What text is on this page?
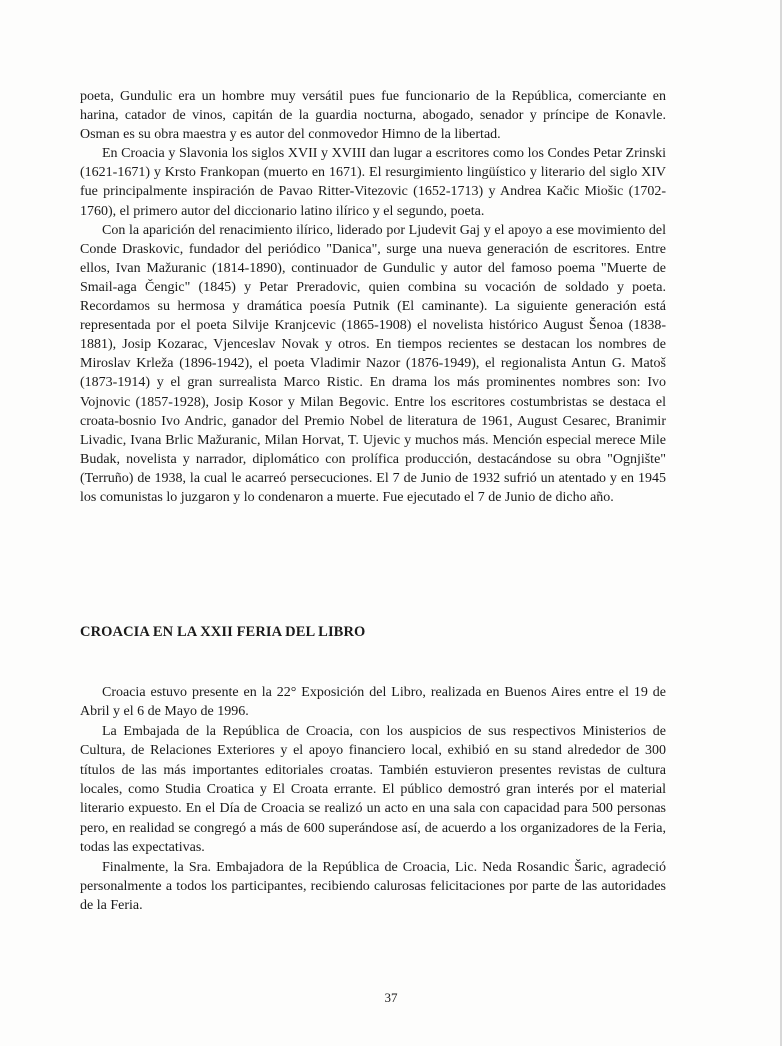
poeta, Gundulic era un hombre muy versátil pues fue funcionario de la República, comerciante en harina, catador de vinos, capitán de la guardia nocturna, abogado, senador y príncipe de Konavle. Osman es su obra maestra y es autor del conmovedor Himno de la libertad.

En Croacia y Slavonia los siglos XVII y XVIII dan lugar a escritores como los Condes Petar Zrinski (1621-1671) y Krsto Frankopan (muerto en 1671). El resurgimiento lingüístico y literario del siglo XIV fue principalmente inspiración de Pavao Ritter-Vitezovic (1652-1713) y Andrea Kačic Miošic (1702-1760), el primero autor del diccionario latino ilírico y el segundo, poeta.

Con la aparición del renacimiento ilírico, liderado por Ljudevit Gaj y el apoyo a ese movimiento del Conde Draskovic, fundador del periódico "Danica", surge una nueva generación de escritores. Entre ellos, Ivan Mažuranic (1814-1890), continuador de Gundulic y autor del famoso poema "Muerte de Smail-aga Čengic" (1845) y Petar Preradovic, quien combina su vocación de soldado y poeta. Recordamos su hermosa y dramática poesía Putnik (El caminante). La siguiente generación está representada por el poeta Silvije Kranjcevic (1865-1908) el novelista histórico August Šenoa (1838-1881), Josip Kozarac, Vjenceslav Novak y otros. En tiempos recientes se destacan los nombres de Miroslav Krleža (1896-1942), el poeta Vladimir Nazor (1876-1949), el regionalista Antun G. Matoš (1873-1914) y el gran surrealista Marco Ristic. En drama los más prominentes nombres son: Ivo Vojnovic (1857-1928), Josip Kosor y Milan Begovic. Entre los escritores costumbristas se destaca el croata-bosnio Ivo Andric, ganador del Premio Nobel de literatura de 1961, August Cesarec, Branimir Livadic, Ivana Brlic Mažuranic, Milan Horvat, T. Ujevic y muchos más. Mención especial merece Mile Budak, novelista y narrador, diplomático con prolífica producción, destacándose su obra "Ognjište" (Terruño) de 1938, la cual le acarreó persecuciones. El 7 de Junio de 1932 sufrió un atentado y en 1945 los comunistas lo juzgaron y lo condenaron a muerte. Fue ejecutado el 7 de Junio de dicho año.

CROACIA EN LA XXII FERIA DEL LIBRO

Croacia estuvo presente en la 22° Exposición del Libro, realizada en Buenos Aires entre el 19 de Abril y el 6 de Mayo de 1996.

La Embajada de la República de Croacia, con los auspicios de sus respectivos Ministerios de Cultura, de Relaciones Exteriores y el apoyo financiero local, exhibió en su stand alrededor de 300 títulos de las más importantes editoriales croatas. También estuvieron presentes revistas de cultura locales, como Studia Croatica y El Croata errante. El público demostró gran interés por el material literario expuesto. En el Día de Croacia se realizó un acto en una sala con capacidad para 500 personas pero, en realidad se congregó a más de 600 superándose así, de acuerdo a los organizadores de la Feria, todas las expectativas.

Finalmente, la Sra. Embajadora de la República de Croacia, Lic. Neda Rosandic Šaric, agradeció personalmente a todos los participantes, recibiendo calurosas felicitaciones por parte de las autoridades de la Feria.

37
